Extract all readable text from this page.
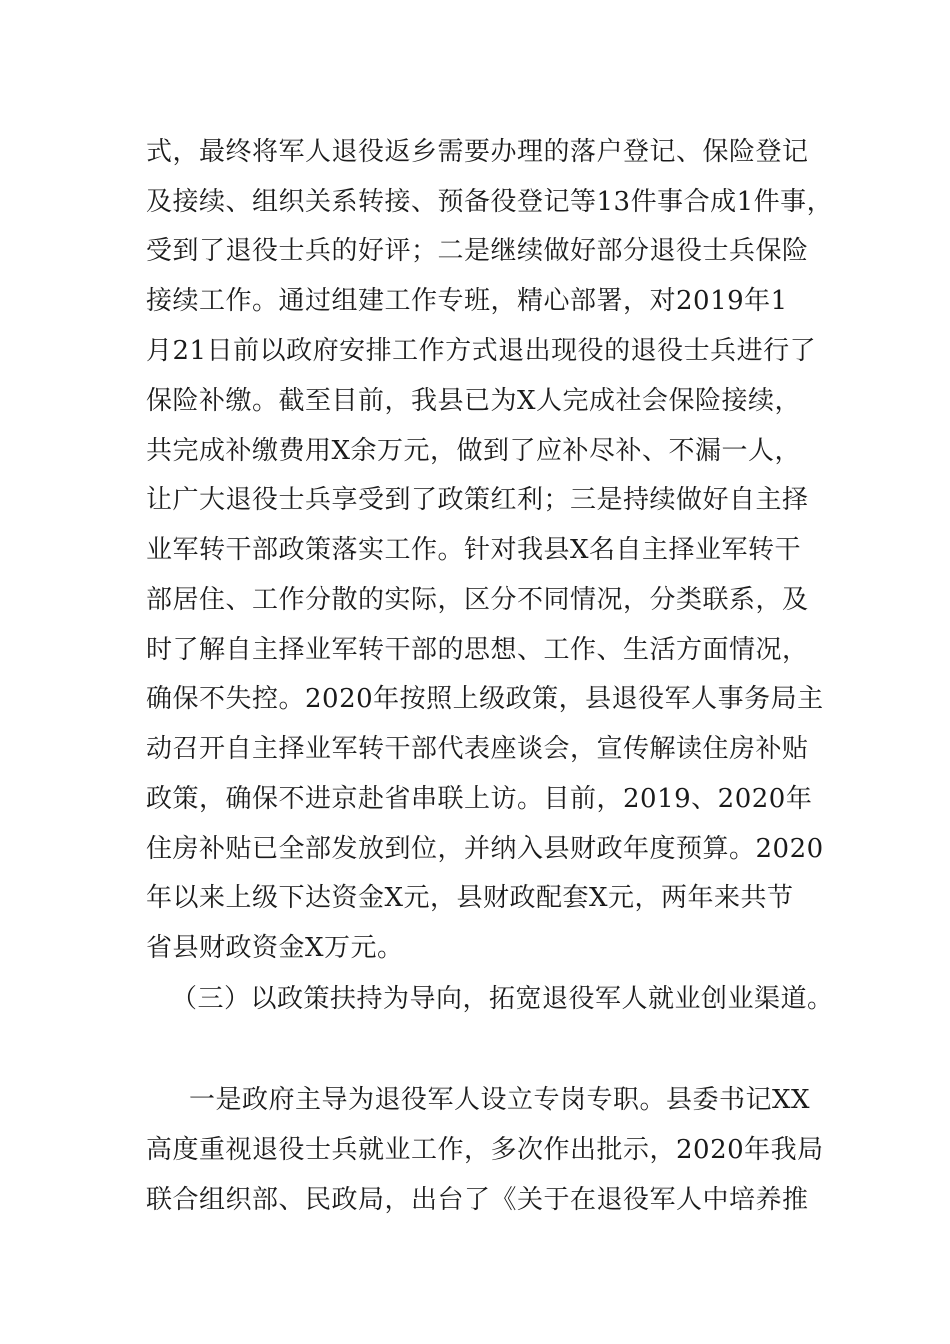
式，最终将军人退役返乡需要办理的落户登记、保险登记
及接续、组织关系转接、预备役登记等13件事合成1件事，
受到了退役士兵的好评；二是继续做好部分退役士兵保险
接续工作。通过组建工作专班，精心部署，对2019年1
月21日前以政府安排工作方式退出现役的退役士兵进行了
保险补缴。截至目前，我县已为X人完成社会保险接续，
共完成补缴费用X余万元，做到了应补尽补、不漏一人，
让广大退役士兵享受到了政策红利；三是持续做好自主择
业军转干部政策落实工作。针对我县X名自主择业军转干
部居住、工作分散的实际，区分不同情况，分类联系，及
时了解自主择业军转干部的思想、工作、生活方面情况，
确保不失控。2020年按照上级政策，县退役军人事务局主
动召开自主择业军转干部代表座谈会，宣传解读住房补贴
政策，确保不进京赴省串联上访。目前，2019、2020年
住房补贴已全部发放到位，并纳入县财政年度预算。2020
年以来上级下达资金X元，县财政配套X元，两年来共节
省县财政资金X万元。
（三）以政策扶持为导向，拓宽退役军人就业创业渠道。
一是政府主导为退役军人设立专岗专职。县委书记XX
高度重视退役士兵就业工作，多次作出批示，2020年我局
联合组织部、民政局，出台了《关于在退役军人中培养推
